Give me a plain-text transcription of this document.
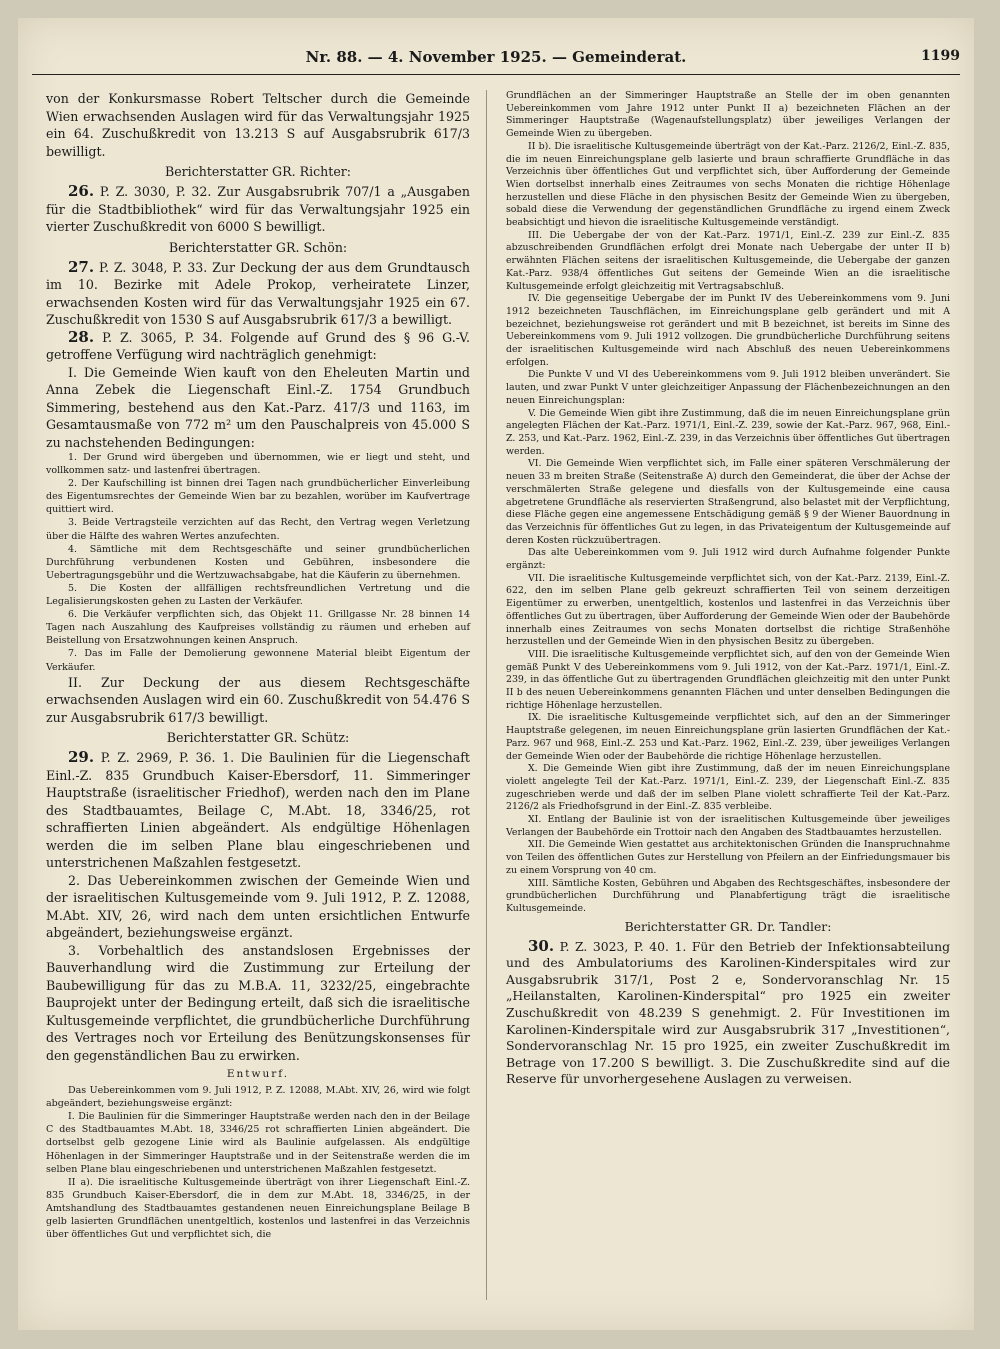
Nr. 88. — 4. November 1925. — Gemeinderat.	1199

von der Konkursmasse Robert Teltscher durch die Gemeinde Wien erwachsenden Auslagen wird für das Verwaltungsjahr 1925 ein 64. Zuschußkredit von 13.213 S auf Ausgabsrubrik 617/3 bewilligt.

Berichterstatter GR. Richter:

26. P. Z. 3030, P. 32. Zur Ausgabsrubrik 707/1 a „Ausgaben für die Stadtbibliothek“ wird für das Verwaltungsjahr 1925 ein vierter Zuschußkredit von 6000 S bewilligt.

Berichterstatter GR. Schön:

27. P. Z. 3048, P. 33. Zur Deckung der aus dem Grundtausch im 10. Bezirke mit Adele Prokop, verheiratete Linzer, erwachsenden Kosten wird für das Verwaltungsjahr 1925 ein 67. Zuschußkredit von 1530 S auf Ausgabsrubrik 617/3 a bewilligt.

28. P. Z. 3065, P. 34. Folgende auf Grund des § 96 G.-V. getroffene Verfügung wird nachträglich genehmigt:

I. Die Gemeinde Wien kauft von den Eheleuten Martin und Anna Zebek die Liegenschaft Einl.-Z. 1754 Grundbuch Simmering, bestehend aus den Kat.-Parz. 417/3 und 1163, im Gesamtausmaße von 772 m² um den Pauschalpreis von 45.000 S zu nachstehenden Bedingungen:

1. Der Grund wird übergeben und übernommen, wie er liegt und steht, und vollkommen satz- und lastenfrei übertragen.

2. Der Kaufschilling ist binnen drei Tagen nach grundbücherlicher Einverleibung des Eigentumsrechtes der Gemeinde Wien bar zu bezahlen, worüber im Kaufvertrage quittiert wird.

3. Beide Vertragsteile verzichten auf das Recht, den Vertrag wegen Verletzung über die Hälfte des wahren Wertes anzufechten.

4. Sämtliche mit dem Rechtsgeschäfte und seiner grundbücherlichen Durchführung verbundenen Kosten und Gebühren, insbesondere die Uebertragungsgebühr und die Wertzuwachsabgabe, hat die Käuferin zu übernehmen.

5. Die Kosten der allfälligen rechtsfreundlichen Vertretung und die Legalisierungskosten gehen zu Lasten der Verkäufer.

6. Die Verkäufer verpflichten sich, das Objekt 11. Grillgasse Nr. 28 binnen 14 Tagen nach Auszahlung des Kaufpreises vollständig zu räumen und erheben auf Beistellung von Ersatzwohnungen keinen Anspruch.

7. Das im Falle der Demolierung gewonnene Material bleibt Eigentum der Verkäufer.

II. Zur Deckung der aus diesem Rechtsgeschäfte erwachsenden Auslagen wird ein 60. Zuschußkredit von 54.476 S zur Ausgabsrubrik 617/3 bewilligt.

Berichterstatter GR. Schütz:

29. P. Z. 2969, P. 36. 1. Die Baulinien für die Liegenschaft Einl.-Z. 835 Grundbuch Kaiser-Ebersdorf, 11. Simmeringer Hauptstraße (israelitischer Friedhof), werden nach den im Plane des Stadtbauamtes, Beilage C, M.Abt. 18, 3346/25, rot schraffierten Linien abgeändert. Als endgültige Höhenlagen werden die im selben Plane blau eingeschriebenen und unterstrichenen Maßzahlen festgesetzt.

2. Das Uebereinkommen zwischen der Gemeinde Wien und der israelitischen Kultusgemeinde vom 9. Juli 1912, P. Z. 12088, M.Abt. XIV, 26, wird nach dem unten ersichtlichen Entwurfe abgeändert, beziehungsweise ergänzt.

3. Vorbehaltlich des anstandslosen Ergebnisses der Bauverhandlung wird die Zustimmung zur Erteilung der Baubewilligung für das zu M.B.A. 11, 3232/25, eingebrachte Bauprojekt unter der Bedingung erteilt, daß sich die israelitische Kultusgemeinde verpflichtet, die grundbücherliche Durchführung des Vertrages noch vor Erteilung des Benützungskonsenses für den gegenständlichen Bau zu erwirken.

Entwurf.

Das Uebereinkommen vom 9. Juli 1912, P. Z. 12088, M.Abt. XIV, 26, wird wie folgt abgeändert, beziehungsweise ergänzt:

I. Die Baulinien für die Simmeringer Hauptstraße werden nach den in der Beilage C des Stadtbauamtes M.Abt. 18, 3346/25 rot schraffierten Linien abgeändert. Die dortselbst gelb gezogene Linie wird als Baulinie aufgelassen. Als endgültige Höhenlagen in der Simmeringer Hauptstraße und in der Seitenstraße werden die im selben Plane blau eingeschriebenen und unterstrichenen Maßzahlen festgesetzt.

II a). Die israelitische Kultusgemeinde überträgt von ihrer Liegenschaft Einl.-Z. 835 Grundbuch Kaiser-Ebersdorf, die in dem zur M.Abt. 18, 3346/25, in der Amtshandlung des Stadtbauamtes gestandenen neuen Einreichungsplane Beilage B gelb lasierten Grundflächen unentgeltlich, kostenlos und lastenfrei in das Verzeichnis über öffentliches Gut und verpflichtet sich, die

Grundflächen an der Simmeringer Hauptstraße an Stelle der im oben genannten Uebereinkommen vom Jahre 1912 unter Punkt II a) bezeichneten Flächen an der Simmeringer Hauptstraße (Wagenaufstellungsplatz) über jeweiliges Verlangen der Gemeinde Wien zu übergeben.

II b). Die israelitische Kultusgemeinde überträgt von der Kat.-Parz. 2126/2, Einl.-Z. 835, die im neuen Einreichungsplane gelb lasierte und braun schraffierte Grundfläche in das Verzeichnis über öffentliches Gut und verpflichtet sich, über Aufforderung der Gemeinde Wien dortselbst innerhalb eines Zeitraumes von sechs Monaten die richtige Höhenlage herzustellen und diese Fläche in den physischen Besitz der Gemeinde Wien zu übergeben, sobald diese die Verwendung der gegenständlichen Grundfläche zu irgend einem Zweck beabsichtigt und hievon die israelitische Kultusgemeinde verständigt.

III. Die Uebergabe der von der Kat.-Parz. 1971/1, Einl.-Z. 239 zur Einl.-Z. 835 abzuschreibenden Grundflächen erfolgt drei Monate nach Uebergabe der unter II b) erwähnten Flächen seitens der israelitischen Kultusgemeinde, die Uebergabe der ganzen Kat.-Parz. 938/4 öffentliches Gut seitens der Gemeinde Wien an die israelitische Kultusgemeinde erfolgt gleichzeitig mit Vertragsabschluß.

IV. Die gegenseitige Uebergabe der im Punkt IV des Uebereinkommens vom 9. Juni 1912 bezeichneten Tauschflächen, im Einreichungsplane gelb gerändert und mit A bezeichnet, beziehungsweise rot gerändert und mit B bezeichnet, ist bereits im Sinne des Uebereinkommens vom 9. Juli 1912 vollzogen. Die grundbücherliche Durchführung seitens der israelitischen Kultusgemeinde wird nach Abschluß des neuen Uebereinkommens erfolgen.

Die Punkte V und VI des Uebereinkommens vom 9. Juli 1912 bleiben unverändert. Sie lauten, und zwar Punkt V unter gleichzeitiger Anpassung der Flächenbezeichnungen an den neuen Einreichungsplan:

V. Die Gemeinde Wien gibt ihre Zustimmung, daß die im neuen Einreichungsplane grün angelegten Flächen der Kat.-Parz. 1971/1, Einl.-Z. 239, sowie der Kat.-Parz. 967, 968, Einl.-Z. 253, und Kat.-Parz. 1962, Einl.-Z. 239, in das Verzeichnis über öffentliches Gut übertragen werden.

VI. Die Gemeinde Wien verpflichtet sich, im Falle einer späteren Verschmälerung der neuen 33 m breiten Straße (Seitenstraße A) durch den Gemeinderat, die über der Achse der verschmälerten Straße gelegene und diesfalls von der Kultusgemeinde eine causa abgetretene Grundfläche als reservierten Straßengrund, also belastet mit der Verpflichtung, diese Fläche gegen eine angemessene Entschädigung gemäß § 9 der Wiener Bauordnung in das Verzeichnis für öffentliches Gut zu legen, in das Privateigentum der Kultusgemeinde auf deren Kosten rückzuübertragen.

Das alte Uebereinkommen vom 9. Juli 1912 wird durch Aufnahme folgender Punkte ergänzt:

VII. Die israelitische Kultusgemeinde verpflichtet sich, von der Kat.-Parz. 2139, Einl.-Z. 622, den im selben Plane gelb gekreuzt schraffierten Teil von seinem derzeitigen Eigentümer zu erwerben, unentgeltlich, kostenlos und lastenfrei in das Verzeichnis über öffentliches Gut zu übertragen, über Aufforderung der Gemeinde Wien oder der Baubehörde innerhalb eines Zeitraumes von sechs Monaten dortselbst die richtige Straßenhöhe herzustellen und der Gemeinde Wien in den physischen Besitz zu übergeben.

VIII. Die israelitische Kultusgemeinde verpflichtet sich, auf den von der Gemeinde Wien gemäß Punkt V des Uebereinkommens vom 9. Juli 1912, von der Kat.-Parz. 1971/1, Einl.-Z. 239, in das öffentliche Gut zu übertragenden Grundflächen gleichzeitig mit den unter Punkt II b des neuen Uebereinkommens genannten Flächen und unter denselben Bedingungen die richtige Höhenlage herzustellen.

IX. Die israelitische Kultusgemeinde verpflichtet sich, auf den an der Simmeringer Hauptstraße gelegenen, im neuen Einreichungsplane grün lasierten Grundflächen der Kat.-Parz. 967 und 968, Einl.-Z. 253 und Kat.-Parz. 1962, Einl.-Z. 239, über jeweiliges Verlangen der Gemeinde Wien oder der Baubehörde die richtige Höhenlage herzustellen.

X. Die Gemeinde Wien gibt ihre Zustimmung, daß der im neuen Einreichungsplane violett angelegte Teil der Kat.-Parz. 1971/1, Einl.-Z. 239, der Liegenschaft Einl.-Z. 835 zugeschrieben werde und daß der im selben Plane violett schraffierte Teil der Kat.-Parz. 2126/2 als Friedhofsgrund in der Einl.-Z. 835 verbleibe.

XI. Entlang der Baulinie ist von der israelitischen Kultusgemeinde über jeweiliges Verlangen der Baubehörde ein Trottoir nach den Angaben des Stadtbauamtes herzustellen.

XII. Die Gemeinde Wien gestattet aus architektonischen Gründen die Inanspruchnahme von Teilen des öffentlichen Gutes zur Herstellung von Pfeilern an der Einfriedungsmauer bis zu einem Vorsprung von 40 cm.

XIII. Sämtliche Kosten, Gebühren und Abgaben des Rechtsgeschäftes, insbesondere der grundbücherlichen Durchführung und Planabfertigung trägt die israelitische Kultusgemeinde.

Berichterstatter GR. Dr. Tandler:

30. P. Z. 3023, P. 40. 1. Für den Betrieb der Infektionsabteilung und des Ambulatoriums des Karolinen-Kinderspitales wird zur Ausgabsrubrik 317/1, Post 2 e, Sondervoranschlag Nr. 15 „Heilanstalten, Karolinen-Kinderspital“ pro 1925 ein zweiter Zuschußkredit von 48.239 S genehmigt. 2. Für Investitionen im Karolinen-Kinderspitale wird zur Ausgabsrubrik 317 „Investitionen“, Sondervoranschlag Nr. 15 pro 1925, ein zweiter Zuschußkredit im Betrage von 17.200 S bewilligt. 3. Die Zuschußkredite sind auf die Reserve für unvorhergesehene Auslagen zu verweisen.
